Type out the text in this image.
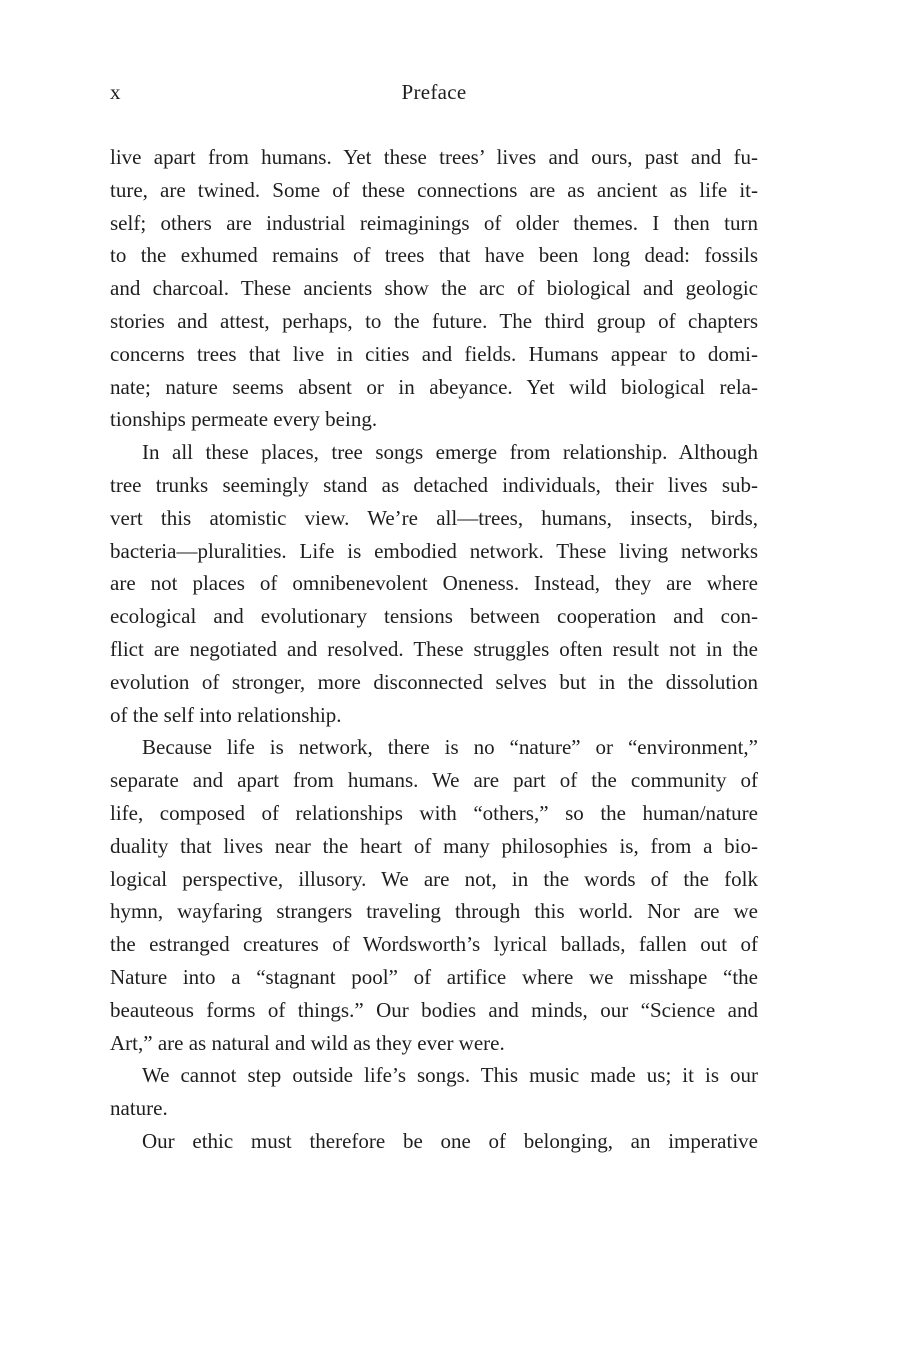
x	Preface
live apart from humans. Yet these trees’ lives and ours, past and fu-
ture, are twined. Some of these connections are as ancient as life it-
self; others are industrial reimaginings of older themes. I then turn
to the exhumed remains of trees that have been long dead: fossils
and charcoal. These ancients show the arc of biological and geologic
stories and attest, perhaps, to the future. The third group of chapters
concerns trees that live in cities and fields. Humans appear to domi-
nate; nature seems absent or in abeyance. Yet wild biological rela-
tionships permeate every being.
In all these places, tree songs emerge from relationship. Although
tree trunks seemingly stand as detached individuals, their lives sub-
vert this atomistic view. We’re all—trees, humans, insects, birds,
bacteria—pluralities. Life is embodied network. These living networks
are not places of omnibenevolent Oneness. Instead, they are where
ecological and evolutionary tensions between cooperation and con-
flict are negotiated and resolved. These struggles often result not in the
evolution of stronger, more disconnected selves but in the dissolution
of the self into relationship.
Because life is network, there is no “nature” or “environment,”
separate and apart from humans. We are part of the community of
life, composed of relationships with “others,” so the human/nature
duality that lives near the heart of many philosophies is, from a bio-
logical perspective, illusory. We are not, in the words of the folk
hymn, wayfaring strangers traveling through this world. Nor are we
the estranged creatures of Wordsworth’s lyrical ballads, fallen out of
Nature into a “stagnant pool” of artifice where we misshape “the
beauteous forms of things.” Our bodies and minds, our “Science and
Art,” are as natural and wild as they ever were.
We cannot step outside life’s songs. This music made us; it is our
nature.
Our ethic must therefore be one of belonging, an imperative
